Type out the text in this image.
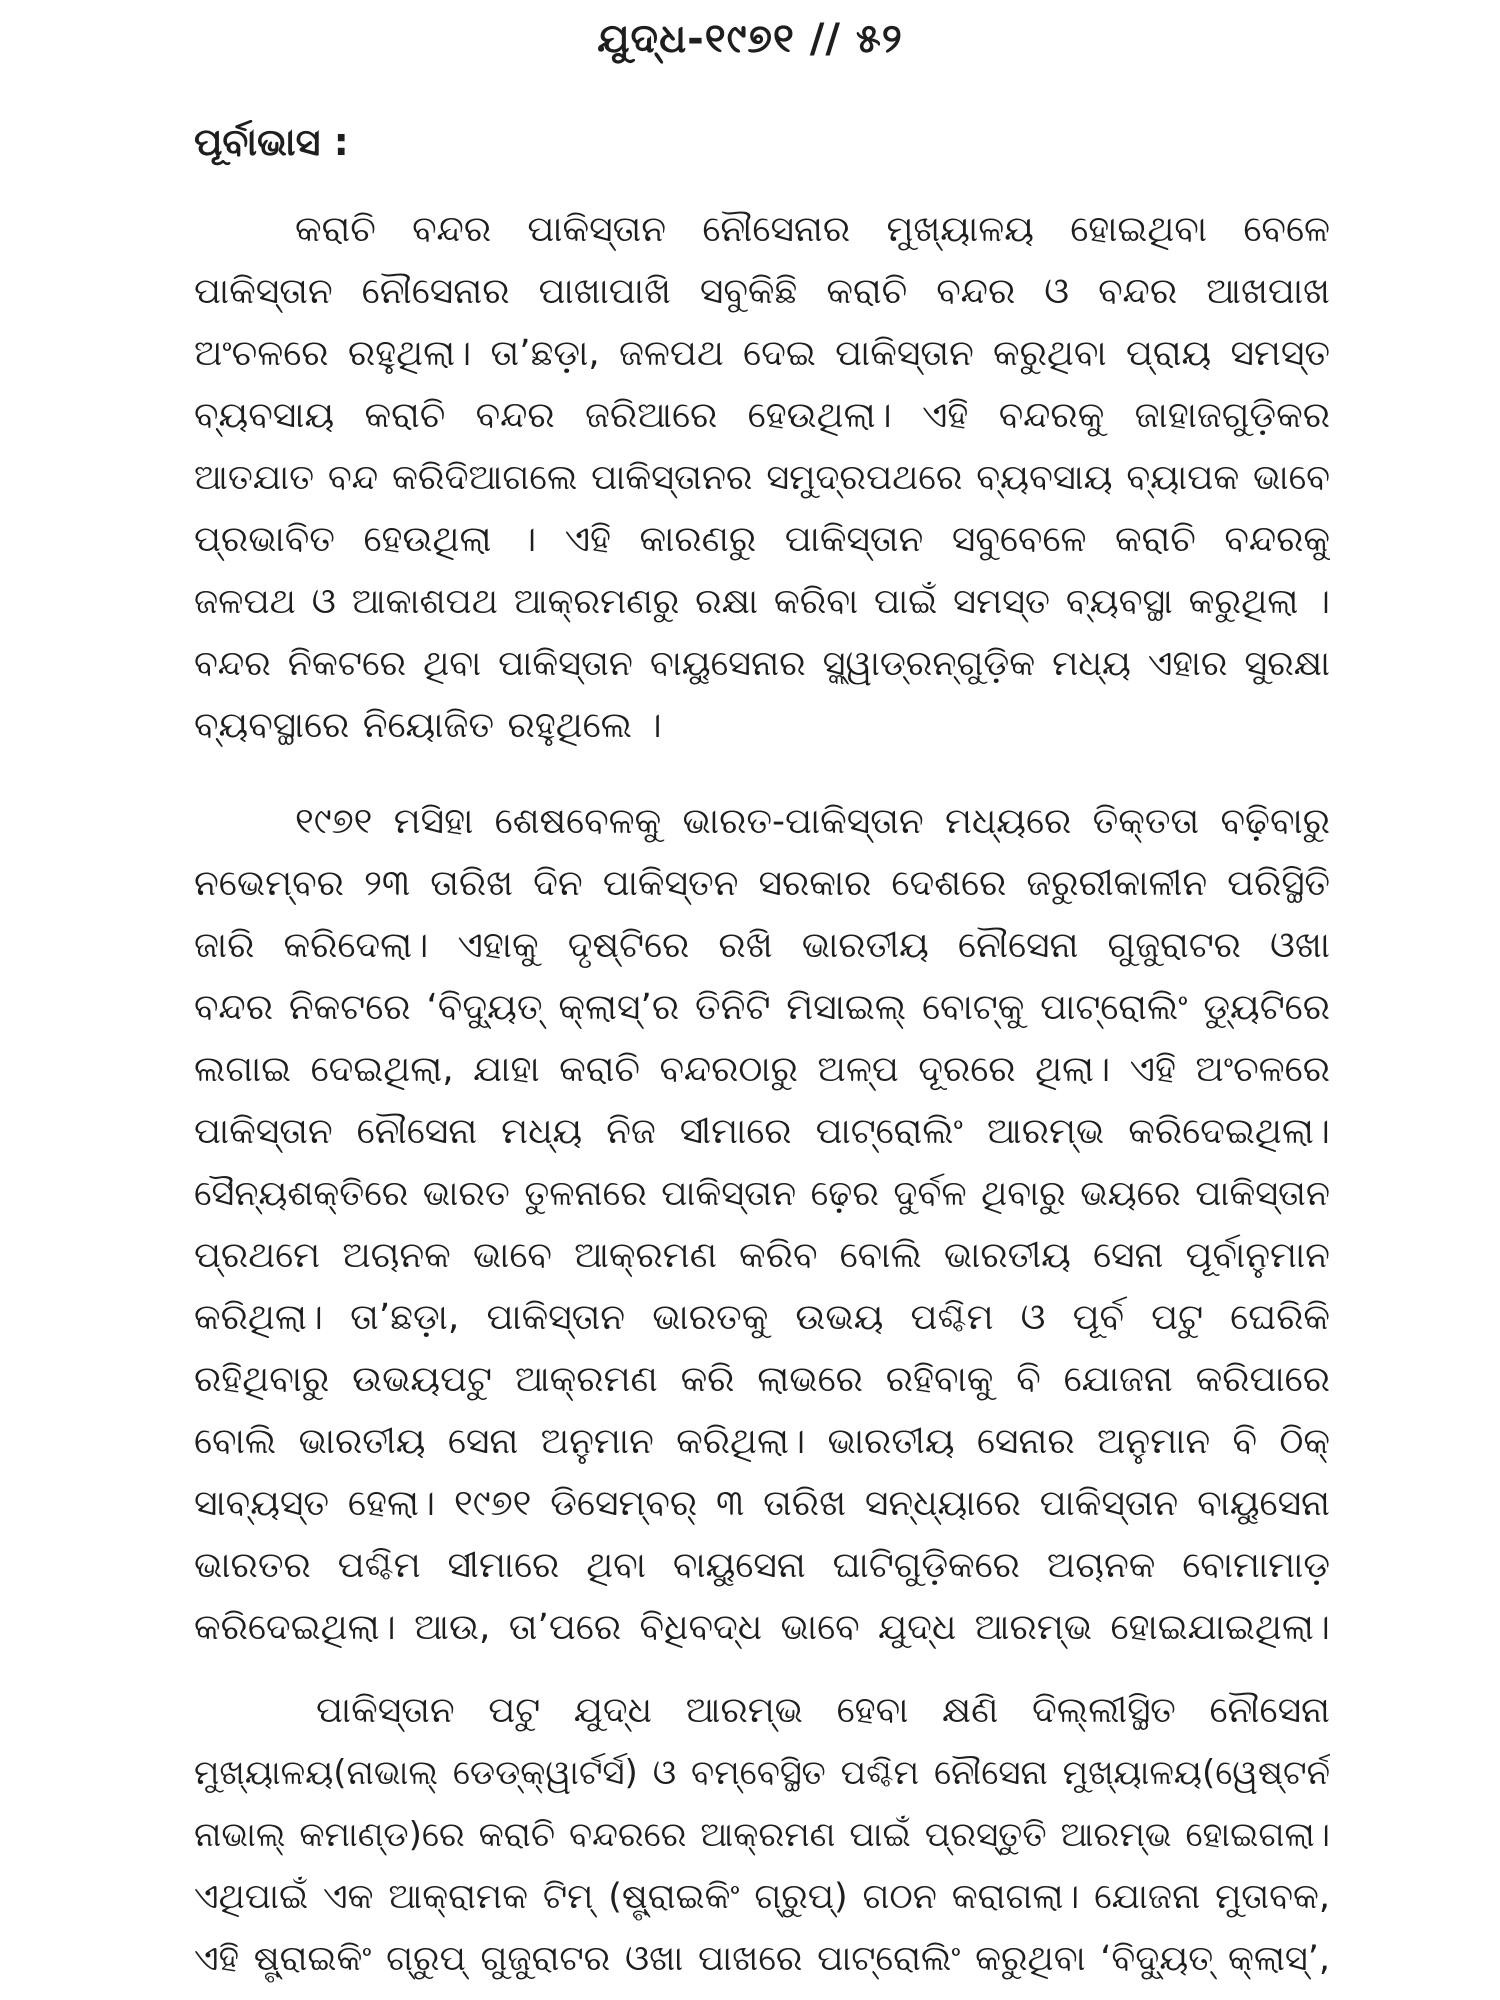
ଯୁଦ୍ଧ-୧୯୭୧ // ୫୨
ପୂର୍ବାଭାସ :
କରାଚି ବନ୍ଦର ପାକିସ୍ତାନ ନୌସେନାର ମୁଖ୍ୟାଳୟ ହୋଇଥିବା ବେଳେ
ପାକିସ୍ତାନ ନୌସେନାର ପାଖାପାଖି ସବୁକିଛି କରାଚି ବନ୍ଦର ଓ ବନ୍ଦର ଆଖପାଖ
ଅଂଚଳରେ ରହୁଥିଲା। ତା’ଛଡ଼ା, ଜଳପଥ ଦେଇ ପାକିସ୍ତାନ କରୁଥିବା ପ୍ରାୟ ସମସ୍ତ
ବ୍ୟବସାୟ କରାଚି ବନ୍ଦର ଜରିଆରେ ହେଉଥିଲା। ଏହି ବନ୍ଦରକୁ ଜାହାଜଗୁଡ଼ିକର
ଆତଯାତ ବନ୍ଦ କରିଦିଆଗଲେ ପାକିସ୍ତାନର ସମୁଦ୍ରପଥରେ ବ୍ୟବସାୟ ବ୍ୟାପକ ଭାବେ
ପ୍ରଭାବିତ ହେଉଥିଲା । ଏହି କାରଣରୁ ପାକିସ୍ତାନ ସବୁବେଳେ କରାଚି ବନ୍ଦରକୁ
ଜଳପଥ ଓ ଆକାଶପଥ ଆକ୍ରମଣରୁ ରକ୍ଷା କରିବା ପାଇଁ ସମସ୍ତ ବ୍ୟବସ୍ଥା କରୁଥିଲା ।
ବନ୍ଦର ନିକଟରେ ଥିବା ପାକିସ୍ତାନ ବାୟୁସେନାର ସ୍କ୍ୱାଡ୍ରନ୍‌ଗୁଡ଼ିକ ମଧ୍ୟ ଏହାର ସୁରକ୍ଷା
ବ୍ୟବସ୍ଥାରେ ନିୟୋଜିତ ରହୁଥିଲେ ।
୧୯୭୧ ମସିହା ଶେଷବେଳକୁ ଭାରତ-ପାକିସ୍ତାନ ମଧ୍ୟରେ ତିକ୍ତତା ବଢ଼ିବାରୁ
ନଭେମ୍ବର ୨୩ ତାରିଖ ଦିନ ପାକିସ୍ତନ ସରକାର ଦେଶରେ ଜରୁରୀକାଳୀନ ପରିସ୍ଥିତି
ଜାରି କରିଦେଲା। ଏହାକୁ ଦୃଷ୍ଟିରେ ରଖି ଭାରତୀୟ ନୌସେନା ଗୁଜୁରାଟର ଓଖା
ବନ୍ଦର ନିକଟରେ ‘ବିଦ୍ୟୁତ୍ କ୍ଲାସ୍’ର ତିନିଟି ମିସାଇଲ୍ ବୋଟ୍‌କୁ ପାଟ୍ରୋଲିଂ ଡ୍ୟୁଟିରେ
ଲଗାଇ ଦେଇଥିଲା, ଯାହା କରାଚି ବନ୍ଦରଠାରୁ ଅଳ୍ପ ଦୂରରେ ଥିଲା। ଏହି ଅଂଚଳରେ
ପାକିସ୍ତାନ ନୌସେନା ମଧ୍ୟ ନିଜ ସୀମାରେ ପାଟ୍ରୋଲିଂ ଆରମ୍ଭ କରିଦେଇଥିଲା।
ସୈନ୍ୟଶକ୍ତିରେ ଭାରତ ତୁଳନାରେ ପାକିସ୍ତାନ ଢ଼େର ଦୁର୍ବଳ ଥିବାରୁ ଭୟରେ ପାକିସ୍ତାନ
ପ୍ରଥମେ ଅଚାନକ ଭାବେ ଆକ୍ରମଣ କରିବ ବୋଲି ଭାରତୀୟ ସେନା ପୂର୍ବାନୁମାନ
କରିଥିଲା। ତା’ଛଡ଼ା, ପାକିସ୍ତାନ ଭାରତକୁ ଉଭୟ ପଶ୍ଚିମ ଓ ପୂର୍ବ ପଟୁ ଘେରିକି
ରହିଥିବାରୁ ଉଭୟପଟୁ ଆକ୍ରମଣ କରି ଲାଭରେ ରହିବାକୁ ବି ଯୋଜନା କରିପାରେ
ବୋଲି ଭାରତୀୟ ସେନା ଅନୁମାନ କରିଥିଲା। ଭାରତୀୟ ସେନାର ଅନୁମାନ ବି ଠିକ୍
ସାବ୍ୟସ୍ତ ହେଲା। ୧୯୭୧ ଡିସେମ୍ବର୍ ୩ ତାରିଖ ସନ୍ଧ୍ୟାରେ ପାକିସ୍ତାନ ବାୟୁସେନା
ଭାରତର ପଶ୍ଚିମ ସୀମାରେ ଥିବା ବାୟୁସେନା ଘାଟିଗୁଡ଼ିକରେ ଅଚାନକ ବୋମାମାଡ଼
କରିଦେଇଥିଲା। ଆଉ, ତା’ପରେ ବିଧିବଦ୍ଧ ଭାବେ ଯୁଦ୍ଧ ଆରମ୍ଭ ହୋଇଯାଇଥିଲା।
ପାକିସ୍ତାନ ପଟୁ ଯୁଦ୍ଧ ଆରମ୍ଭ ହେବା କ୍ଷଣି ଦିଲ୍ଲୀସ୍ଥିତ ନୌସେନା
ମୁଖ୍ୟାଳୟ(ନାଭାଲ୍ ଡେଡ୍‌କ୍ୱାର୍ଟର୍ସ) ଓ ବମ୍ବେସ୍ଥିତ ପଶ୍ଚିମ ନୌସେନା ମୁଖ୍ୟାଳୟ(ୱେଷ୍ଟର୍ନ
ନାଭାଲ୍ କମାଣ୍ଡ)ରେ କରାଚି ବନ୍ଦରରେ ଆକ୍ରମଣ ପାଇଁ ପ୍ରସ୍ତୁତି ଆରମ୍ଭ ହୋଇଗଲା।
ଏଥିପାଇଁ ଏକ ଆକ୍ରାମକ ଟିମ୍ (ଷ୍ଟ୍ରାଇକିଂ ଗ୍ରୁପ୍) ଗଠନ କରାଗଲା। ଯୋଜନା ମୁତାବକ,
ଏହି ଷ୍ଟ୍ରାଇକିଂ ଗ୍ରୁପ୍ ଗୁଜୁରାଟର ଓଖା ପାଖରେ ପାଟ୍ରୋଲିଂ କରୁଥିବା ‘ବିଦ୍ୟୁତ୍ କ୍ଲାସ୍’,
